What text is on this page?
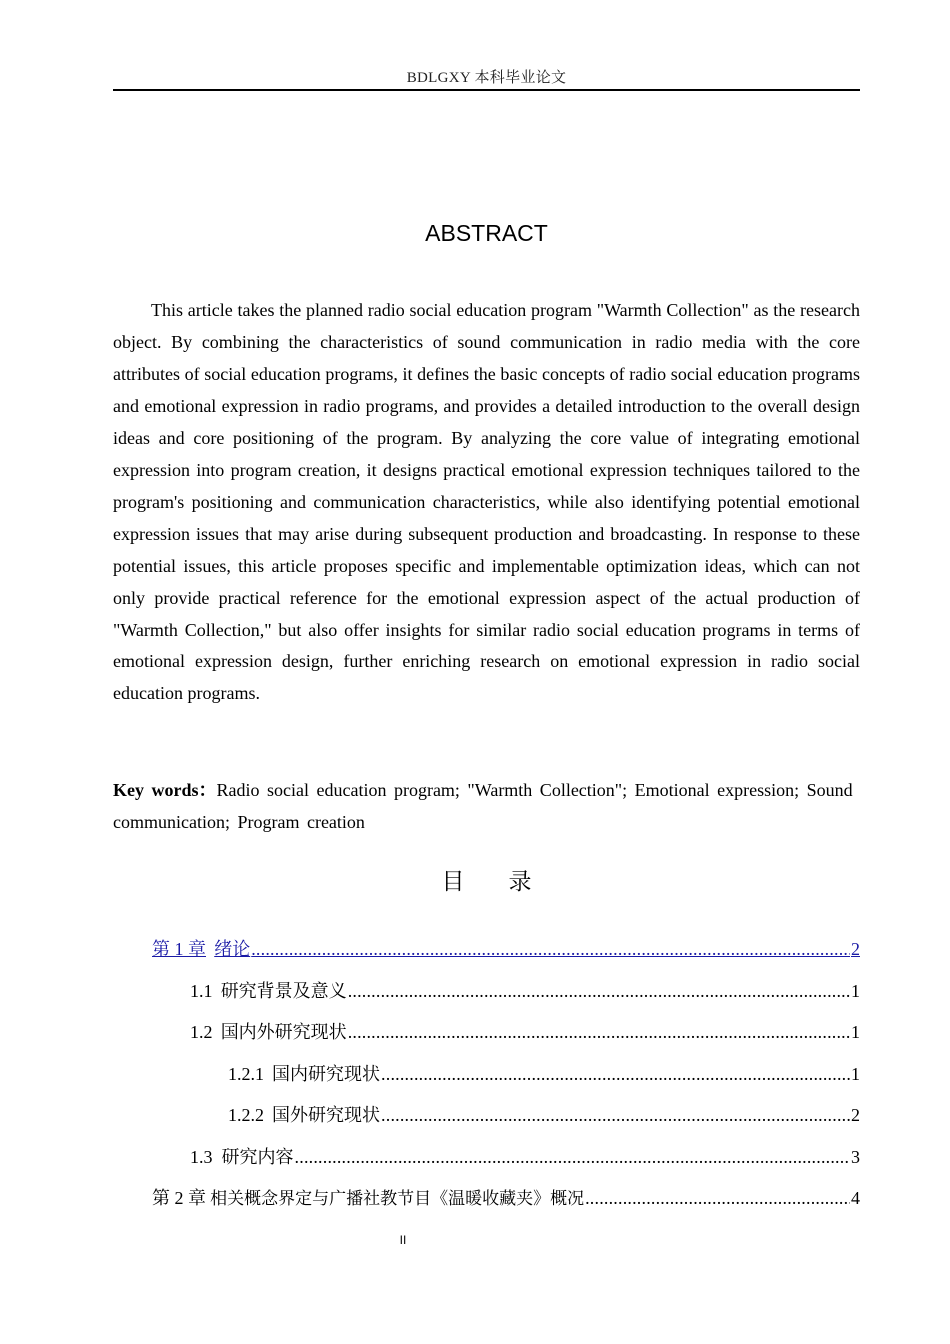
BDLGXY 本科毕业论文
ABSTRACT

This article takes the planned radio social education program "Warmth Collection" as the research object. By combining the characteristics of sound communication in radio media with the core attributes of social education programs, it defines the basic concepts of radio social education programs and emotional expression in radio programs, and provides a detailed introduction to the overall design ideas and core positioning of the program. By analyzing the core value of integrating emotional expression into program creation, it designs practical emotional expression techniques tailored to the program's positioning and communication characteristics, while also identifying potential emotional expression issues that may arise during subsequent production and broadcasting. In response to these potential issues, this article proposes specific and implementable optimization ideas, which can not only provide practical reference for the emotional expression aspect of the actual production of "Warmth Collection," but also offer insights for similar radio social education programs in terms of emotional expression design, further enriching research on emotional expression in radio social education programs.

Key words：Radio social education program; "Warmth Collection"; Emotional expression; Sound communication; Program creation

目 录
第 1 章 绪论 .....	2
1.1 研究背景及意义 .....	1
1.2 国内外研究现状 .....	1
1.2.1 国内研究现状 .....	1
1.2.2 国外研究现状 .....	2
1.3 研究内容 .....	3
第 2 章 相关概念界定与广播社教节目《温暖收藏夹》概况 .....	4
II
